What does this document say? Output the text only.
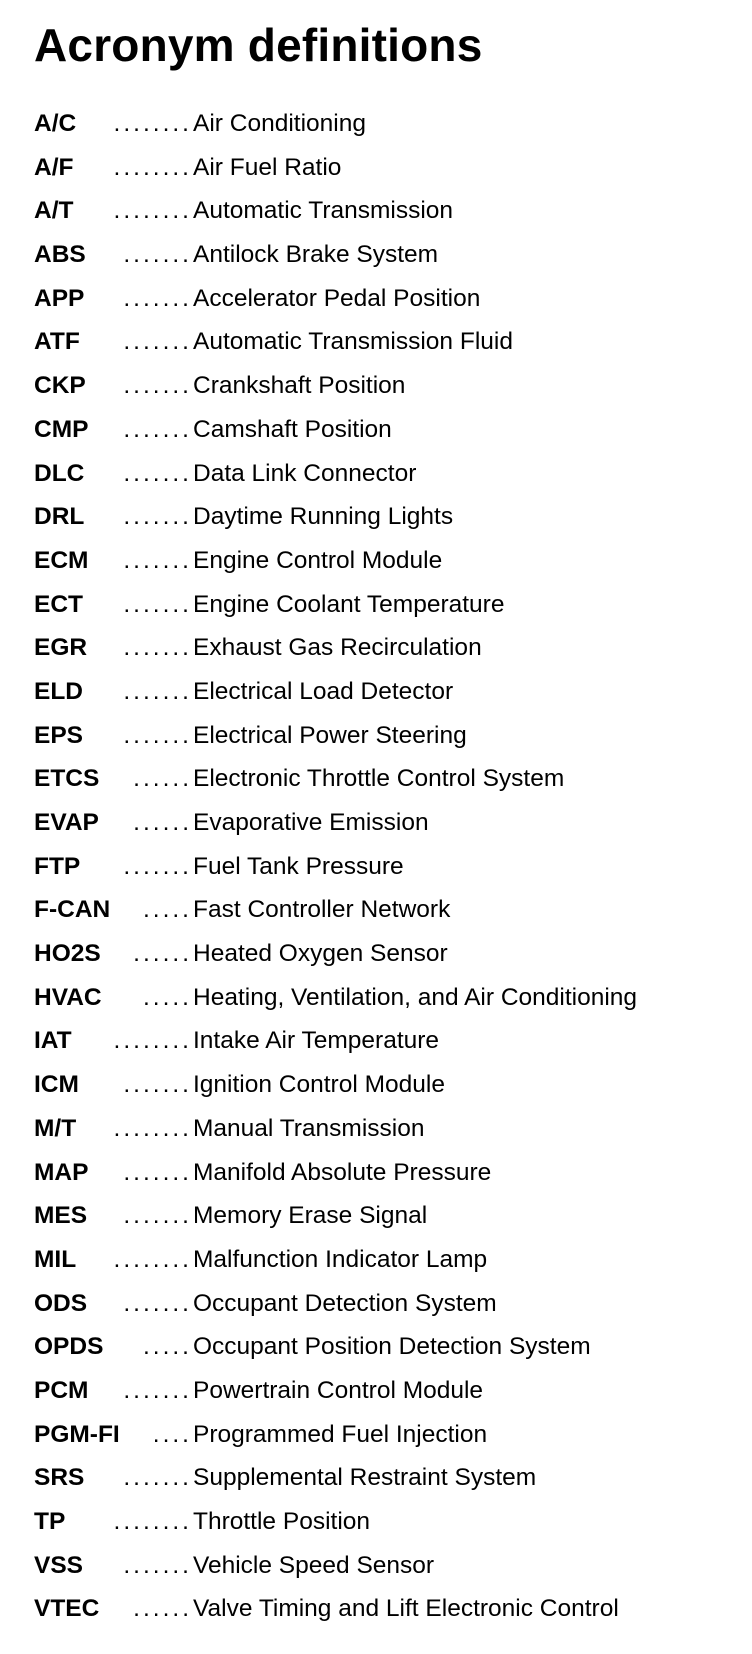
Acronym definitions
A/C	........ Air Conditioning
A/F	........ Air Fuel Ratio
A/T	........ Automatic Transmission
ABS	....... Antilock Brake System
APP	....... Accelerator Pedal Position
ATF	....... Automatic Transmission Fluid
CKP	....... Crankshaft Position
CMP	....... Camshaft Position
DLC	....... Data Link Connector
DRL	....... Daytime Running Lights
ECM	....... Engine Control Module
ECT	....... Engine Coolant Temperature
EGR	....... Exhaust Gas Recirculation
ELD	....... Electrical Load Detector
EPS	....... Electrical Power Steering
ETCS	...... Electronic Throttle Control System
EVAP	...... Evaporative Emission
FTP	....... Fuel Tank Pressure
F-CAN	..... Fast Controller Network
HO2S	...... Heated Oxygen Sensor
HVAC	..... Heating, Ventilation, and Air Conditioning
IAT	........ Intake Air Temperature
ICM	....... Ignition Control Module
M/T	........ Manual Transmission
MAP	....... Manifold Absolute Pressure
MES	....... Memory Erase Signal
MIL	........ Malfunction Indicator Lamp
ODS	....... Occupant Detection System
OPDS	..... Occupant Position Detection System
PCM	....... Powertrain Control Module
PGM-FI	.... Programmed Fuel Injection
SRS	....... Supplemental Restraint System
TP	........ Throttle Position
VSS	....... Vehicle Speed Sensor
VTEC	...... Valve Timing and Lift Electronic Control
